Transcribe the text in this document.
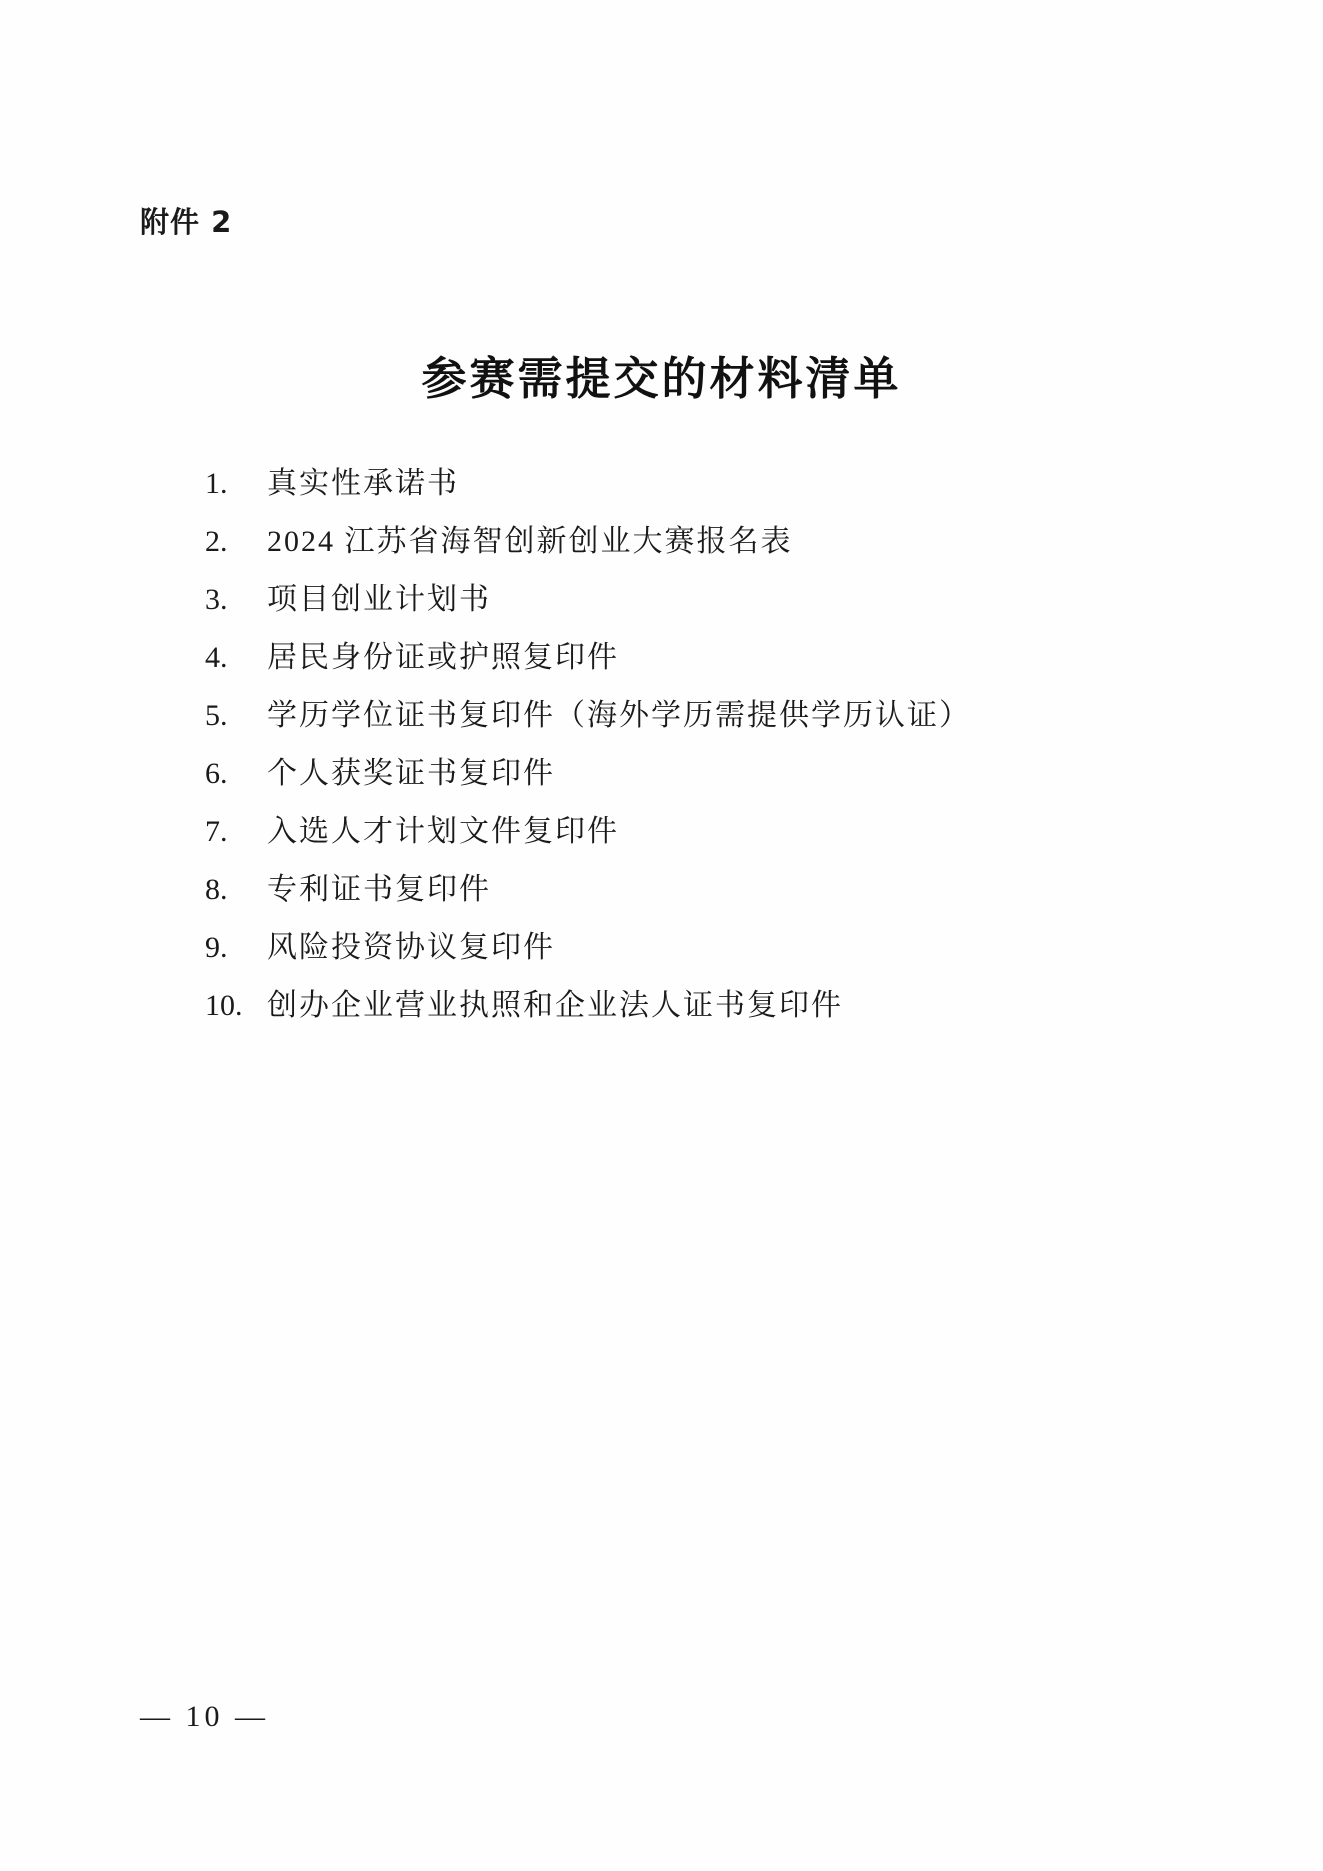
附件 2
参赛需提交的材料清单
1.	真实性承诺书
2.	2024 江苏省海智创新创业大赛报名表
3.	项目创业计划书
4.	居民身份证或护照复印件
5.	学历学位证书复印件（海外学历需提供学历认证）
6.	个人获奖证书复印件
7.	入选人才计划文件复印件
8.	专利证书复印件
9.	风险投资协议复印件
10. 创办企业营业执照和企业法人证书复印件
— 10 —
